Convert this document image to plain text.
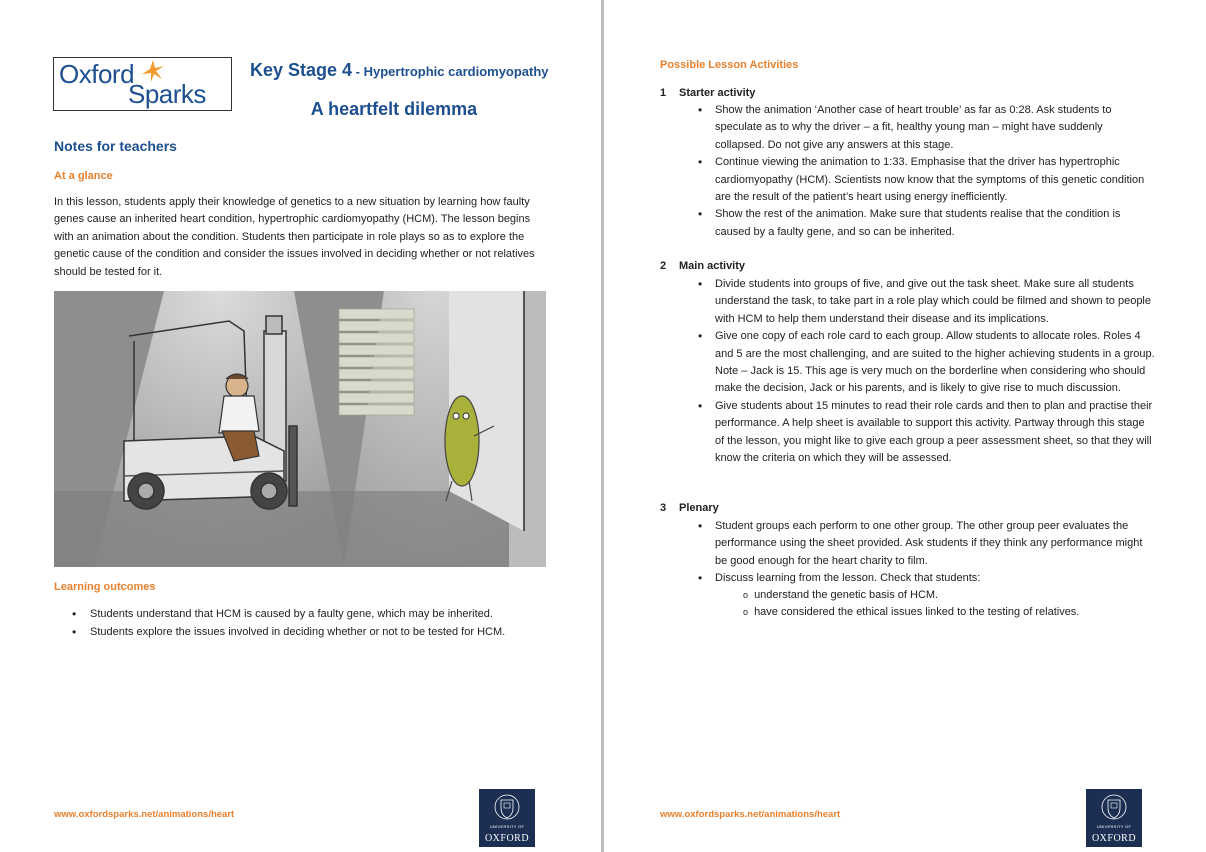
Oxford
Sparks
Key Stage 4 - Hypertrophic cardiomyopathy
A heartfelt dilemma
Notes for teachers
At a glance
In this lesson, students apply their knowledge of genetics to a new situation by learning how faulty genes cause an inherited heart condition, hypertrophic cardiomyopathy (HCM). The lesson begins with an animation about the condition. Students then participate in role plays so as to explore the genetic cause of the condition and consider the issues involved in deciding whether or not relatives should be tested for it.
Learning outcomes
• Students understand that HCM is caused by a faulty gene, which may be inherited.
• Students explore the issues involved in deciding whether or not to be tested for HCM.
www.oxfordsparks.net/animations/heart
UNIVERSITY OF
OXFORD
Possible Lesson Activities
1 Starter activity
• Show the animation ‘Another case of heart trouble’ as far as 0:28. Ask students to speculate as to why the driver – a fit, healthy young man – might have suddenly collapsed. Do not give any answers at this stage.
• Continue viewing the animation to 1:33. Emphasise that the driver has hypertrophic cardiomyopathy (HCM). Scientists now know that the symptoms of this genetic condition are the result of the patient’s heart using energy inefficiently.
• Show the rest of the animation. Make sure that students realise that the condition is caused by a faulty gene, and so can be inherited.
2 Main activity
• Divide students into groups of five, and give out the task sheet. Make sure all students understand the task, to take part in a role play which could be filmed and shown to people with HCM to help them understand their disease and its implications.
• Give one copy of each role card to each group. Allow students to allocate roles. Roles 4 and 5 are the most challenging, and are suited to the higher achieving students in a group. Note – Jack is 15. This age is very much on the borderline when considering who should make the decision, Jack or his parents, and is likely to give rise to much discussion.
• Give students about 15 minutes to read their role cards and then to plan and practise their performance. A help sheet is available to support this activity. Partway through this stage of the lesson, you might like to give each group a peer assessment sheet, so that they will know the criteria on which they will be assessed.
3 Plenary
• Student groups each perform to one other group. The other group peer evaluates the performance using the sheet provided. Ask students if they think any performance might be good enough for the heart charity to film.
• Discuss learning from the lesson. Check that students:
o understand the genetic basis of HCM.
o have considered the ethical issues linked to the testing of relatives.
www.oxfordsparks.net/animations/heart
UNIVERSITY OF
OXFORD
